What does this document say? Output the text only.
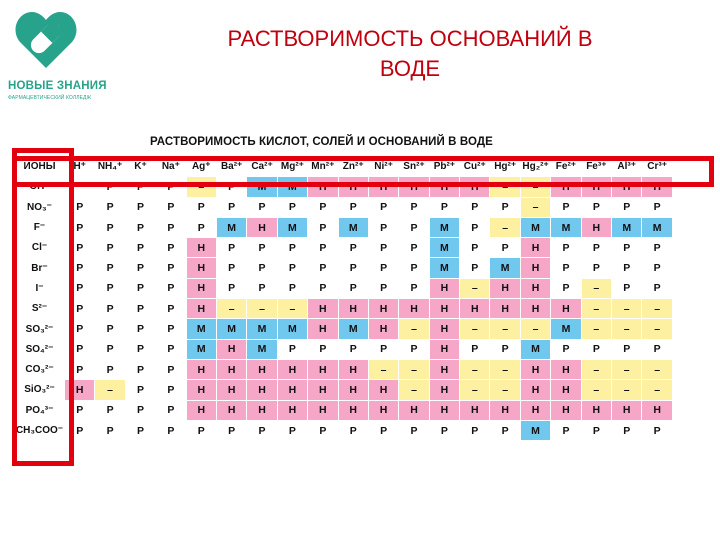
НОВЫЕ ЗНАНИЯ
ФАРМАЦЕВТИЧЕСКИЙ КОЛЛЕДЖ
РАСТВОРИМОСТЬ ОСНОВАНИЙ В
ВОДЕ
РАСТВОРИМОСТЬ КИСЛОТ, СОЛЕЙ И ОСНОВАНИЙ В ВОДЕ
ИОНЫ	H⁺	NH₄⁺	K⁺	Na⁺	Ag⁺	Ba²⁺	Ca²⁺	Mg²⁺	Mn²⁺	Zn²⁺	Ni²⁺	Sn²⁺	Pb²⁺	Cu²⁺	Hg²⁺	Hg₂²⁺	Fe²⁺	Fe³⁺	Al³⁺	Cr³⁺
OH⁻		Р	Р	Р	–	Р	М	М	Н	Н	Н	Н	Н	Н	–	–	Н	Н	Н	Н
NO₃⁻	Р	Р	Р	Р	Р	Р	Р	Р	Р	Р	Р	Р	Р	Р	Р	–	Р	Р	Р	Р
F⁻	Р	Р	Р	Р	Р	М	Н	М	Р	М	Р	Р	М	Р	–	М	М	Н	М	М
Cl⁻	Р	Р	Р	Р	Н	Р	Р	Р	Р	Р	Р	Р	М	Р	Р	Н	Р	Р	Р	Р
Br⁻	Р	Р	Р	Р	Н	Р	Р	Р	Р	Р	Р	Р	М	Р	М	Н	Р	Р	Р	Р
I⁻	Р	Р	Р	Р	Н	Р	Р	Р	Р	Р	Р	Р	Н	–	Н	Н	Р	–	Р	Р
S²⁻	Р	Р	Р	Р	Н	–	–	–	Н	Н	Н	Н	Н	Н	Н	Н	Н	–	–	–
SO₃²⁻	Р	Р	Р	Р	М	М	М	М	Н	М	Н	–	Н	–	–	–	М	–	–	–
SO₄²⁻	Р	Р	Р	Р	М	Н	М	Р	Р	Р	Р	Р	Н	Р	Р	М	Р	Р	Р	Р
CO₃²⁻	Р	Р	Р	Р	Н	Н	Н	Н	Н	Н	–	–	Н	–	–	Н	Н	–	–	–
SiO₃²⁻	Н	–	Р	Р	Н	Н	Н	Н	Н	Н	Н	–	Н	–	–	Н	Н	–	–	–
PO₄³⁻	Р	Р	Р	Р	Н	Н	Н	Н	Н	Н	Н	Н	Н	Н	Н	Н	Н	Н	Н	Н
CH₃COO⁻	Р	Р	Р	Р	Р	Р	Р	Р	Р	Р	Р	Р	Р	Р	Р	М	Р	Р	Р	Р
